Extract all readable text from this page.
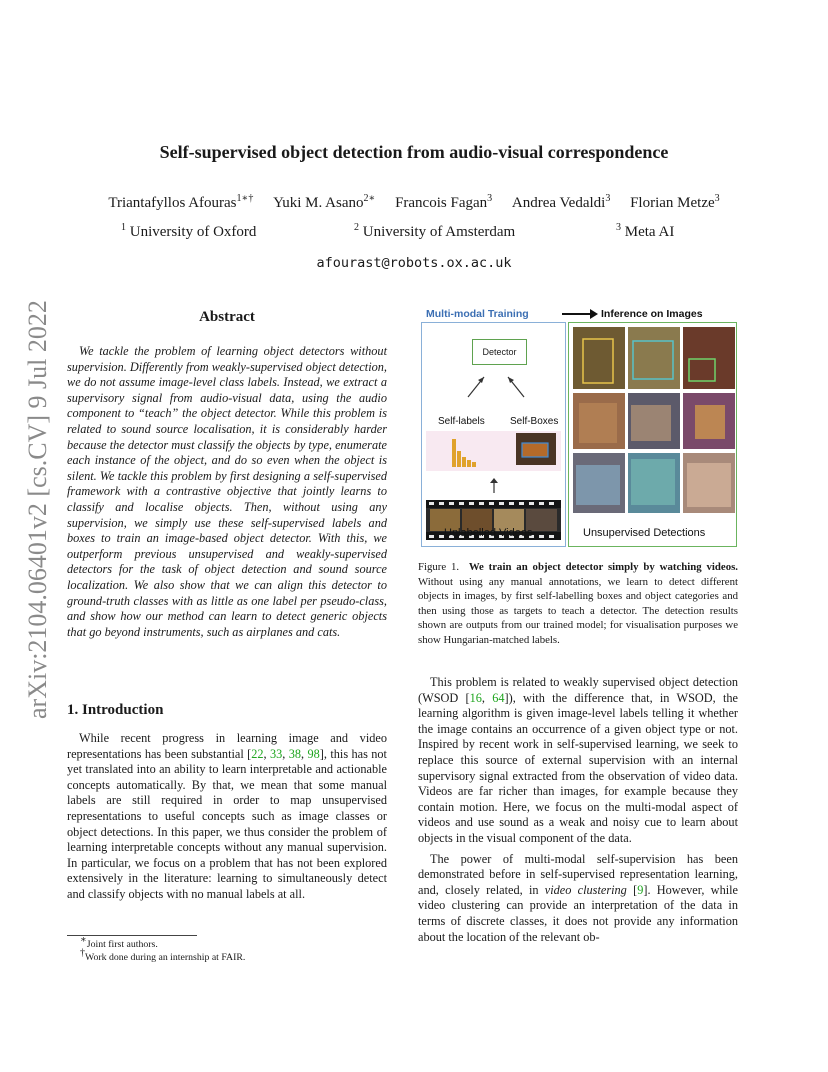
arXiv:2104.06401v2 [cs.CV] 9 Jul 2022
Self-supervised object detection from audio-visual correspondence
Triantafyllos Afouras$^{1∗\dagger}$ Yuki M. Asano$^{2∗}$ Francois Fagan$^3$ Andrea Vedaldi$^3$ Florian Metze$^3$
$^1$ University of Oxford	$^2$ University of Amsterdam	$^3$ Meta AI
afourast@robots.ox.ac.uk
Abstract
We tackle the problem of learning object detectors without supervision. Differently from weakly-supervised object detection, we do not assume image-level class labels. Instead, we extract a supervisory signal from audio-visual data, using the audio component to “teach” the object detector. While this problem is related to sound source localisation, it is considerably harder because the detector must classify the objects by type, enumerate each instance of the object, and do so even when the object is silent. We tackle this problem by first designing a self-supervised framework with a contrastive objective that jointly learns to classify and localise objects. Then, without using any supervision, we simply use these self-supervised labels and boxes to train an image-based object detector. With this, we outperform previous unsupervised and weakly-supervised detectors for the task of object detection and sound source localization. We also show that we can align this detector to ground-truth classes with as little as one label per pseudo-class, and show how our method can learn to detect generic objects that go beyond instruments, such as airplanes and cats.
1. Introduction

While recent progress in learning image and video representations has been substantial [22, 33, 38, 98], this has not yet translated into an ability to learn interpretable and actionable concepts automatically. By that, we mean that some manual labels are still required in order to map unsupervised representations to useful concepts such as image classes or object detections. In this paper, we thus consider the problem of learning interpretable concepts without any manual supervision. In particular, we focus on a problem that has not been explored extensively in the literature: learning to simultaneously detect and classify objects with no manual labels at all.

∗Joint first authors.
†Work done during an internship at FAIR.
Multi-modal Training	Inference on Images
Detector
Self-labels	Self-Boxes
Unlabelled Videos	Unsupervised Detections
Figure 1. We train an object detector simply by watching videos. Without using any manual annotations, we learn to detect different objects in images, by first self-labelling boxes and object categories and then using those as targets to teach a detector. The detection results shown are outputs from our trained model; for visualisation purposes we show Hungarian-matched labels.

This problem is related to weakly supervised object detection (WSOD [16, 64]), with the difference that, in WSOD, the learning algorithm is given image-level labels telling it whether the image contains an occurrence of a given object type or not. Inspired by recent work in self-supervised learning, we seek to replace this source of external supervision with an internal supervisory signal extracted from the observation of video data. Videos are far richer than images, for example because they contain motion. Here, we focus on the multi-modal aspect of videos and use sound as a weak and noisy cue to learn about objects in the visual component of the data.

The power of multi-modal self-supervision has been demonstrated before in self-supervised representation learning, and, closely related, in video clustering [9]. However, while video clustering can provide an interpretation of the data in terms of discrete classes, it does not provide any information about the location of the relevant ob-
